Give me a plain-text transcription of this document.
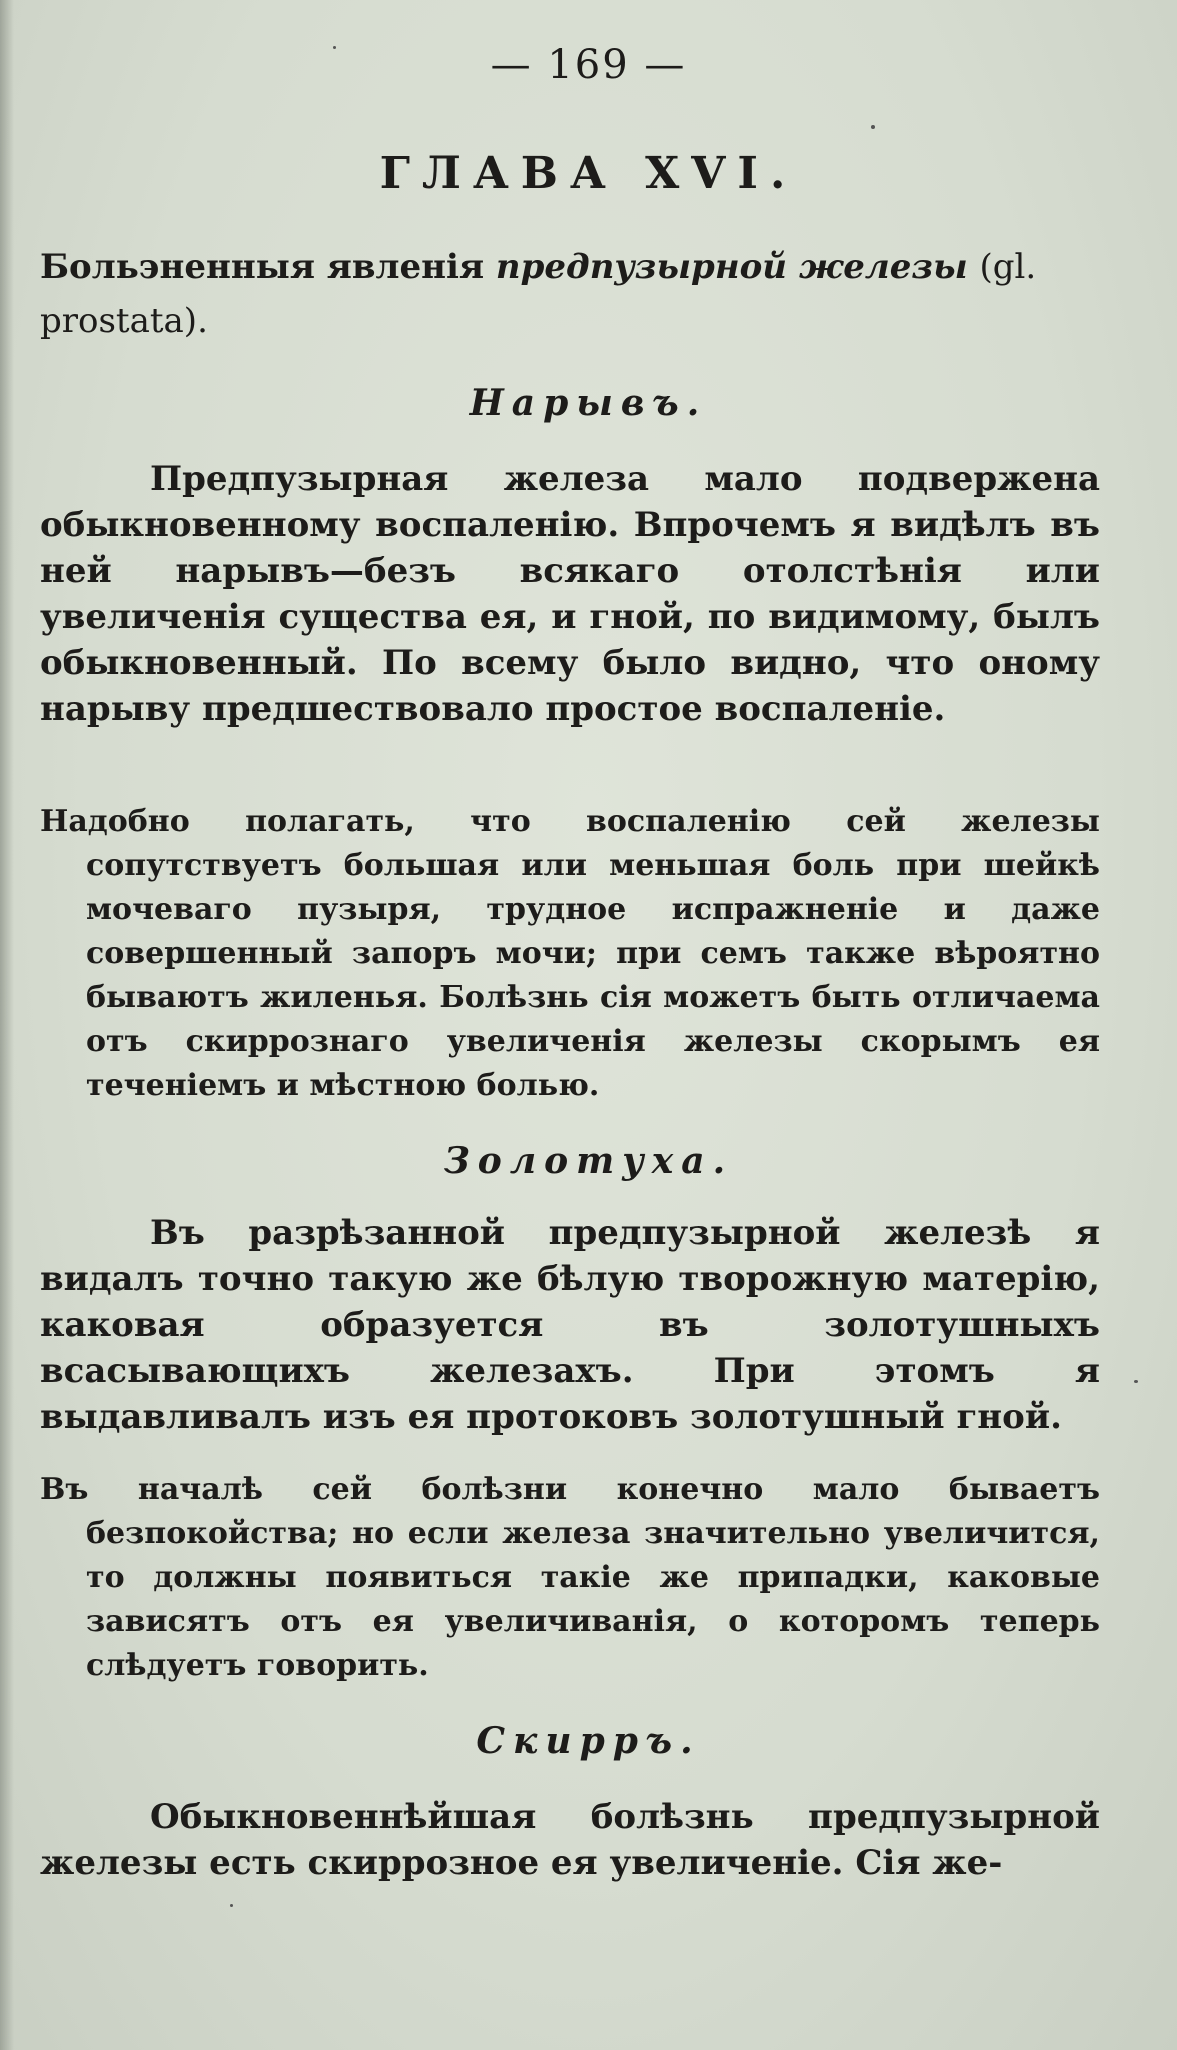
— 169 —
ГЛАВА XVI.
Больэненныя явленія предпузырной железы (gl. prostata).
Нарывъ.
Предпузырная железа мало подвержена обыкновенному воспаленію. Впрочемъ я видѣлъ въ ней нарывъ—безъ всякаго отолстѣнія или увеличенія существа ея, и гной, по видимому, былъ обыкновенный. По всему было видно, что оному нарыву предшествовало простое воспаленіе.
Надобно полагать, что воспаленію сей железы сопутствуетъ большая или меньшая боль при шейкѣ мочеваго пузыря, трудное испражненіе и даже совершенный запоръ мочи; при семъ также вѣроятно бываютъ жиленья. Болѣзнь сія можетъ быть отличаема отъ скиррознаго увеличенія железы скорымъ ея теченіемъ и мѣстною болью.
Золотуха.
Въ разрѣзанной предпузырной железѣ я видалъ точно такую же бѣлую творожную матерію, каковая образуется въ золотушныхъ всасывающихъ железахъ. При этомъ я выдавливалъ изъ ея протоковъ золотушный гной.
Въ началѣ сей болѣзни конечно мало бываетъ безпокойства; но если железа значительно увеличится, то должны появиться такіе же припадки, каковые зависятъ отъ ея увеличиванія, о которомъ теперь слѣдуетъ говорить.
Скирръ.
Обыкновеннѣйшая болѣзнь предпузырной железы есть скиррозное ея увеличеніе. Сія же-
